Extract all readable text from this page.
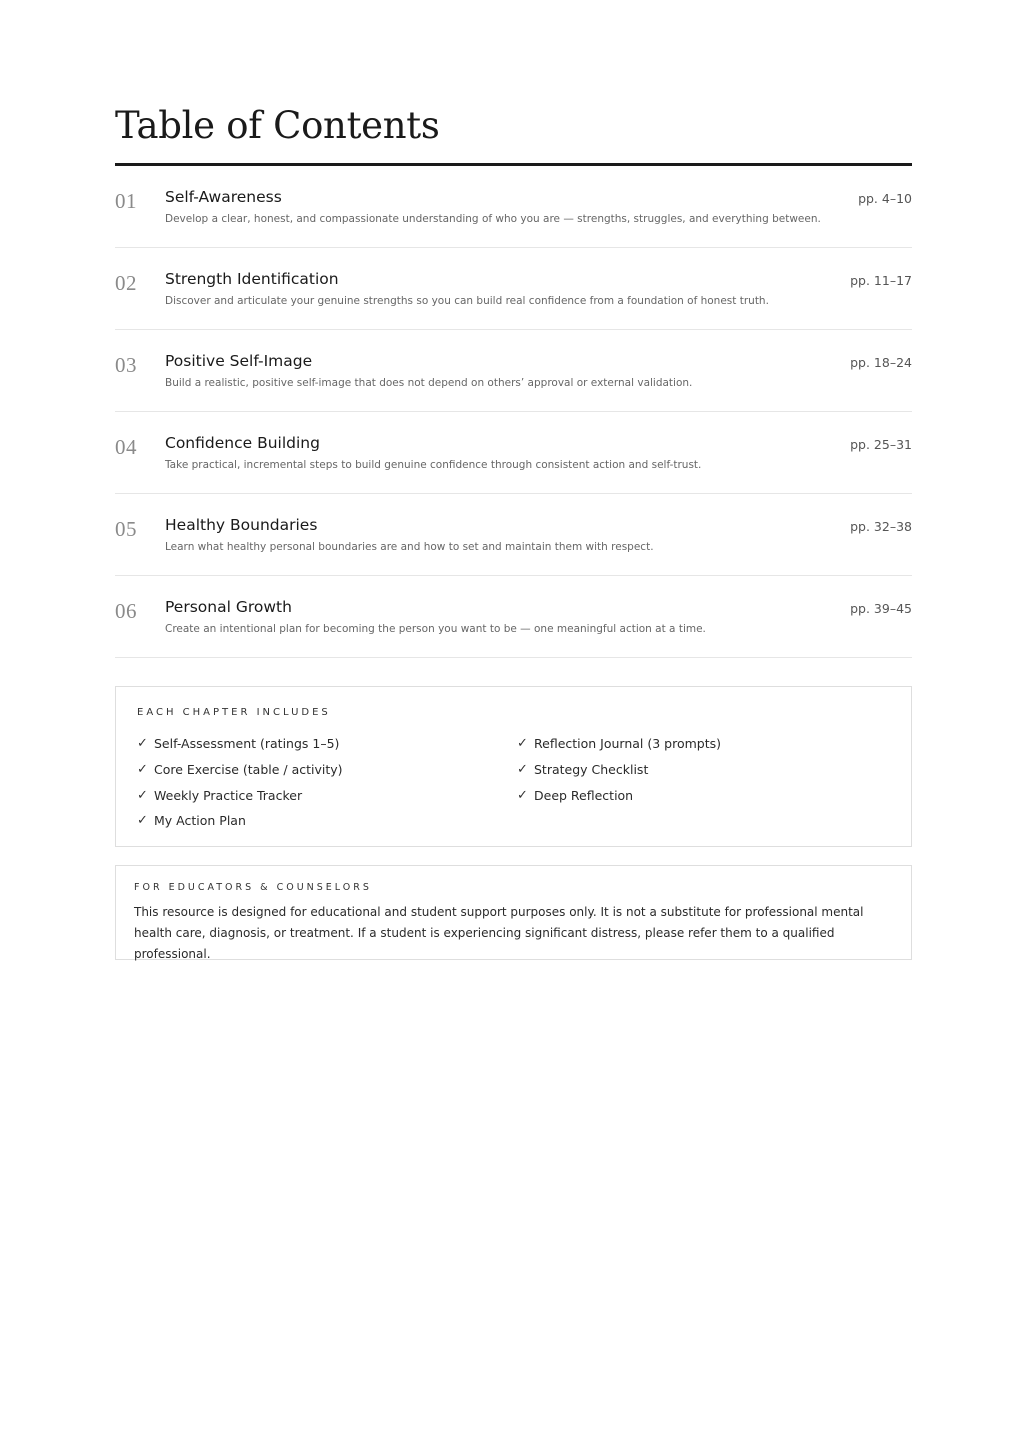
Table of Contents
01 Self-Awareness
Develop a clear, honest, and compassionate understanding of who you are — strengths, struggles, and everything between.
pp. 4–10
02 Strength Identification
Discover and articulate your genuine strengths so you can build real confidence from a foundation of honest truth.
pp. 11–17
03 Positive Self-Image
Build a realistic, positive self-image that does not depend on others’ approval or external validation.
pp. 18–24
04 Confidence Building
Take practical, incremental steps to build genuine confidence through consistent action and self-trust.
pp. 25–31
05 Healthy Boundaries
Learn what healthy personal boundaries are and how to set and maintain them with respect.
pp. 32–38
06 Personal Growth
Create an intentional plan for becoming the person you want to be — one meaningful action at a time.
pp. 39–45
EACH CHAPTER INCLUDES
✓ Self-Assessment (ratings 1–5)
✓ Core Exercise (table / activity)
✓ Weekly Practice Tracker
✓ My Action Plan
✓ Reflection Journal (3 prompts)
✓ Strategy Checklist
✓ Deep Reflection
FOR EDUCATORS & COUNSELORS

This resource is designed for educational and student support purposes only. It is not a substitute for professional mental health care, diagnosis, or treatment. If a student is experiencing significant distress, please refer them to a qualified professional.
